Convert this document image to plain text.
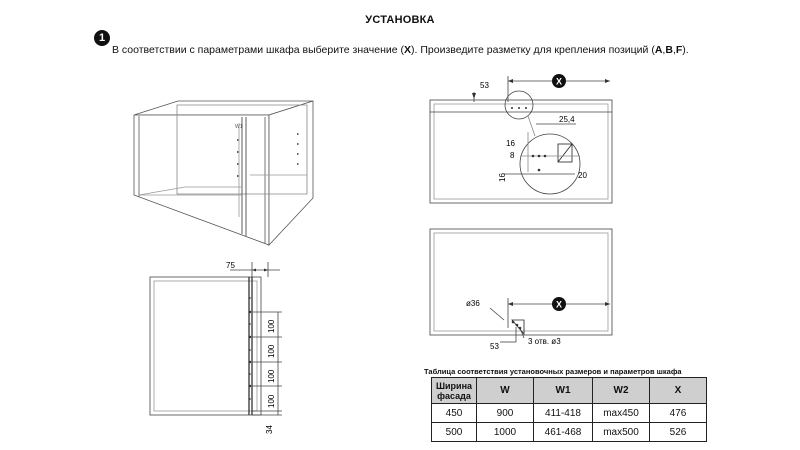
УСТАНОВКА
1
В соответствии с параметрами шкафа выберите значение (X). Произведите разметку для крепления позиций (A,B,F).
W1
75
100
100
100
100
34
X
53
25,4
16
8
16	20
X
ø36
53
3 отв. ø3
Таблица соответствия установочных размеров и параметров шкафа
Ширина фасада	W	W1	W2	X
450	900	411-418	max450	476
500	1000	461-468	max500	526
